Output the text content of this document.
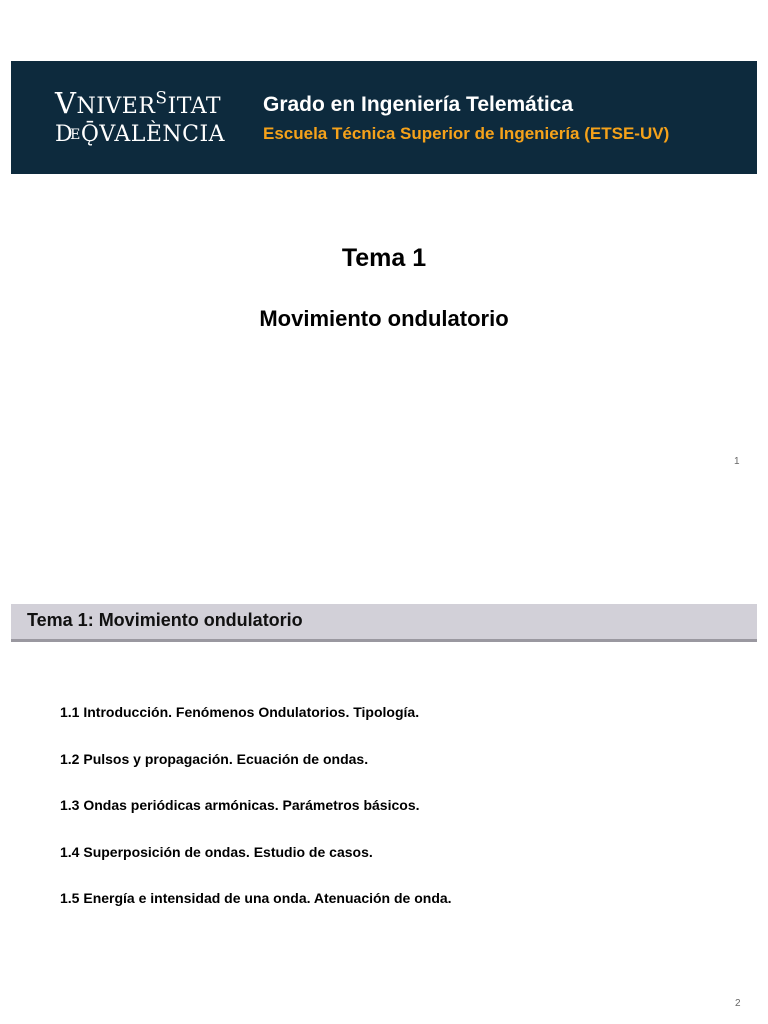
$VNIVER^SITAT$
DEǬVALÈNCIA
Grado en Ingeniería Telemática
Escuela Técnica Superior de Ingeniería (ETSE-UV)
Tema 1
Movimiento ondulatorio
1
Tema 1: Movimiento ondulatorio
1.1 Introducción. Fenómenos Ondulatorios. Tipología.
1.2 Pulsos y propagación. Ecuación de ondas.
1.3 Ondas periódicas armónicas. Parámetros básicos.
1.4 Superposición de ondas. Estudio de casos.
1.5 Energía e intensidad de una onda. Atenuación de onda.
2
